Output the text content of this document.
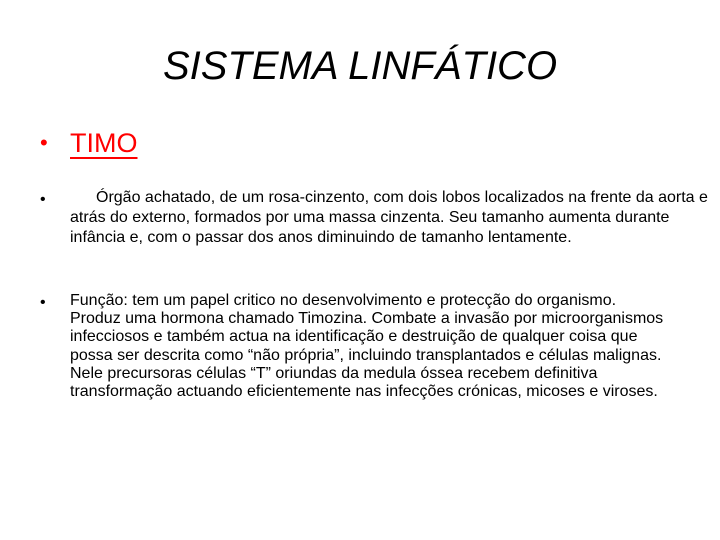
SISTEMA LINFÁTICO
• TIMO
•	Órgão achatado, de um rosa-cinzento, com dois lobos localizados na frente da aorta e atrás do externo, formados por uma massa cinzenta. Seu tamanho aumenta durante infância e, com o passar dos anos diminuindo de tamanho lentamente.

• Função: tem um papel critico no desenvolvimento e protecção do organismo. Produz uma hormona chamado Timozina. Combate a invasão por microorganismos infecciosos e também actua na identificação e destruição de qualquer coisa que possa ser descrita como “não própria”, incluindo transplantados e células malignas. Nele precursoras células “T” oriundas da medula óssea recebem definitiva transformação actuando eficientemente nas infecções crónicas, micoses e viroses.
